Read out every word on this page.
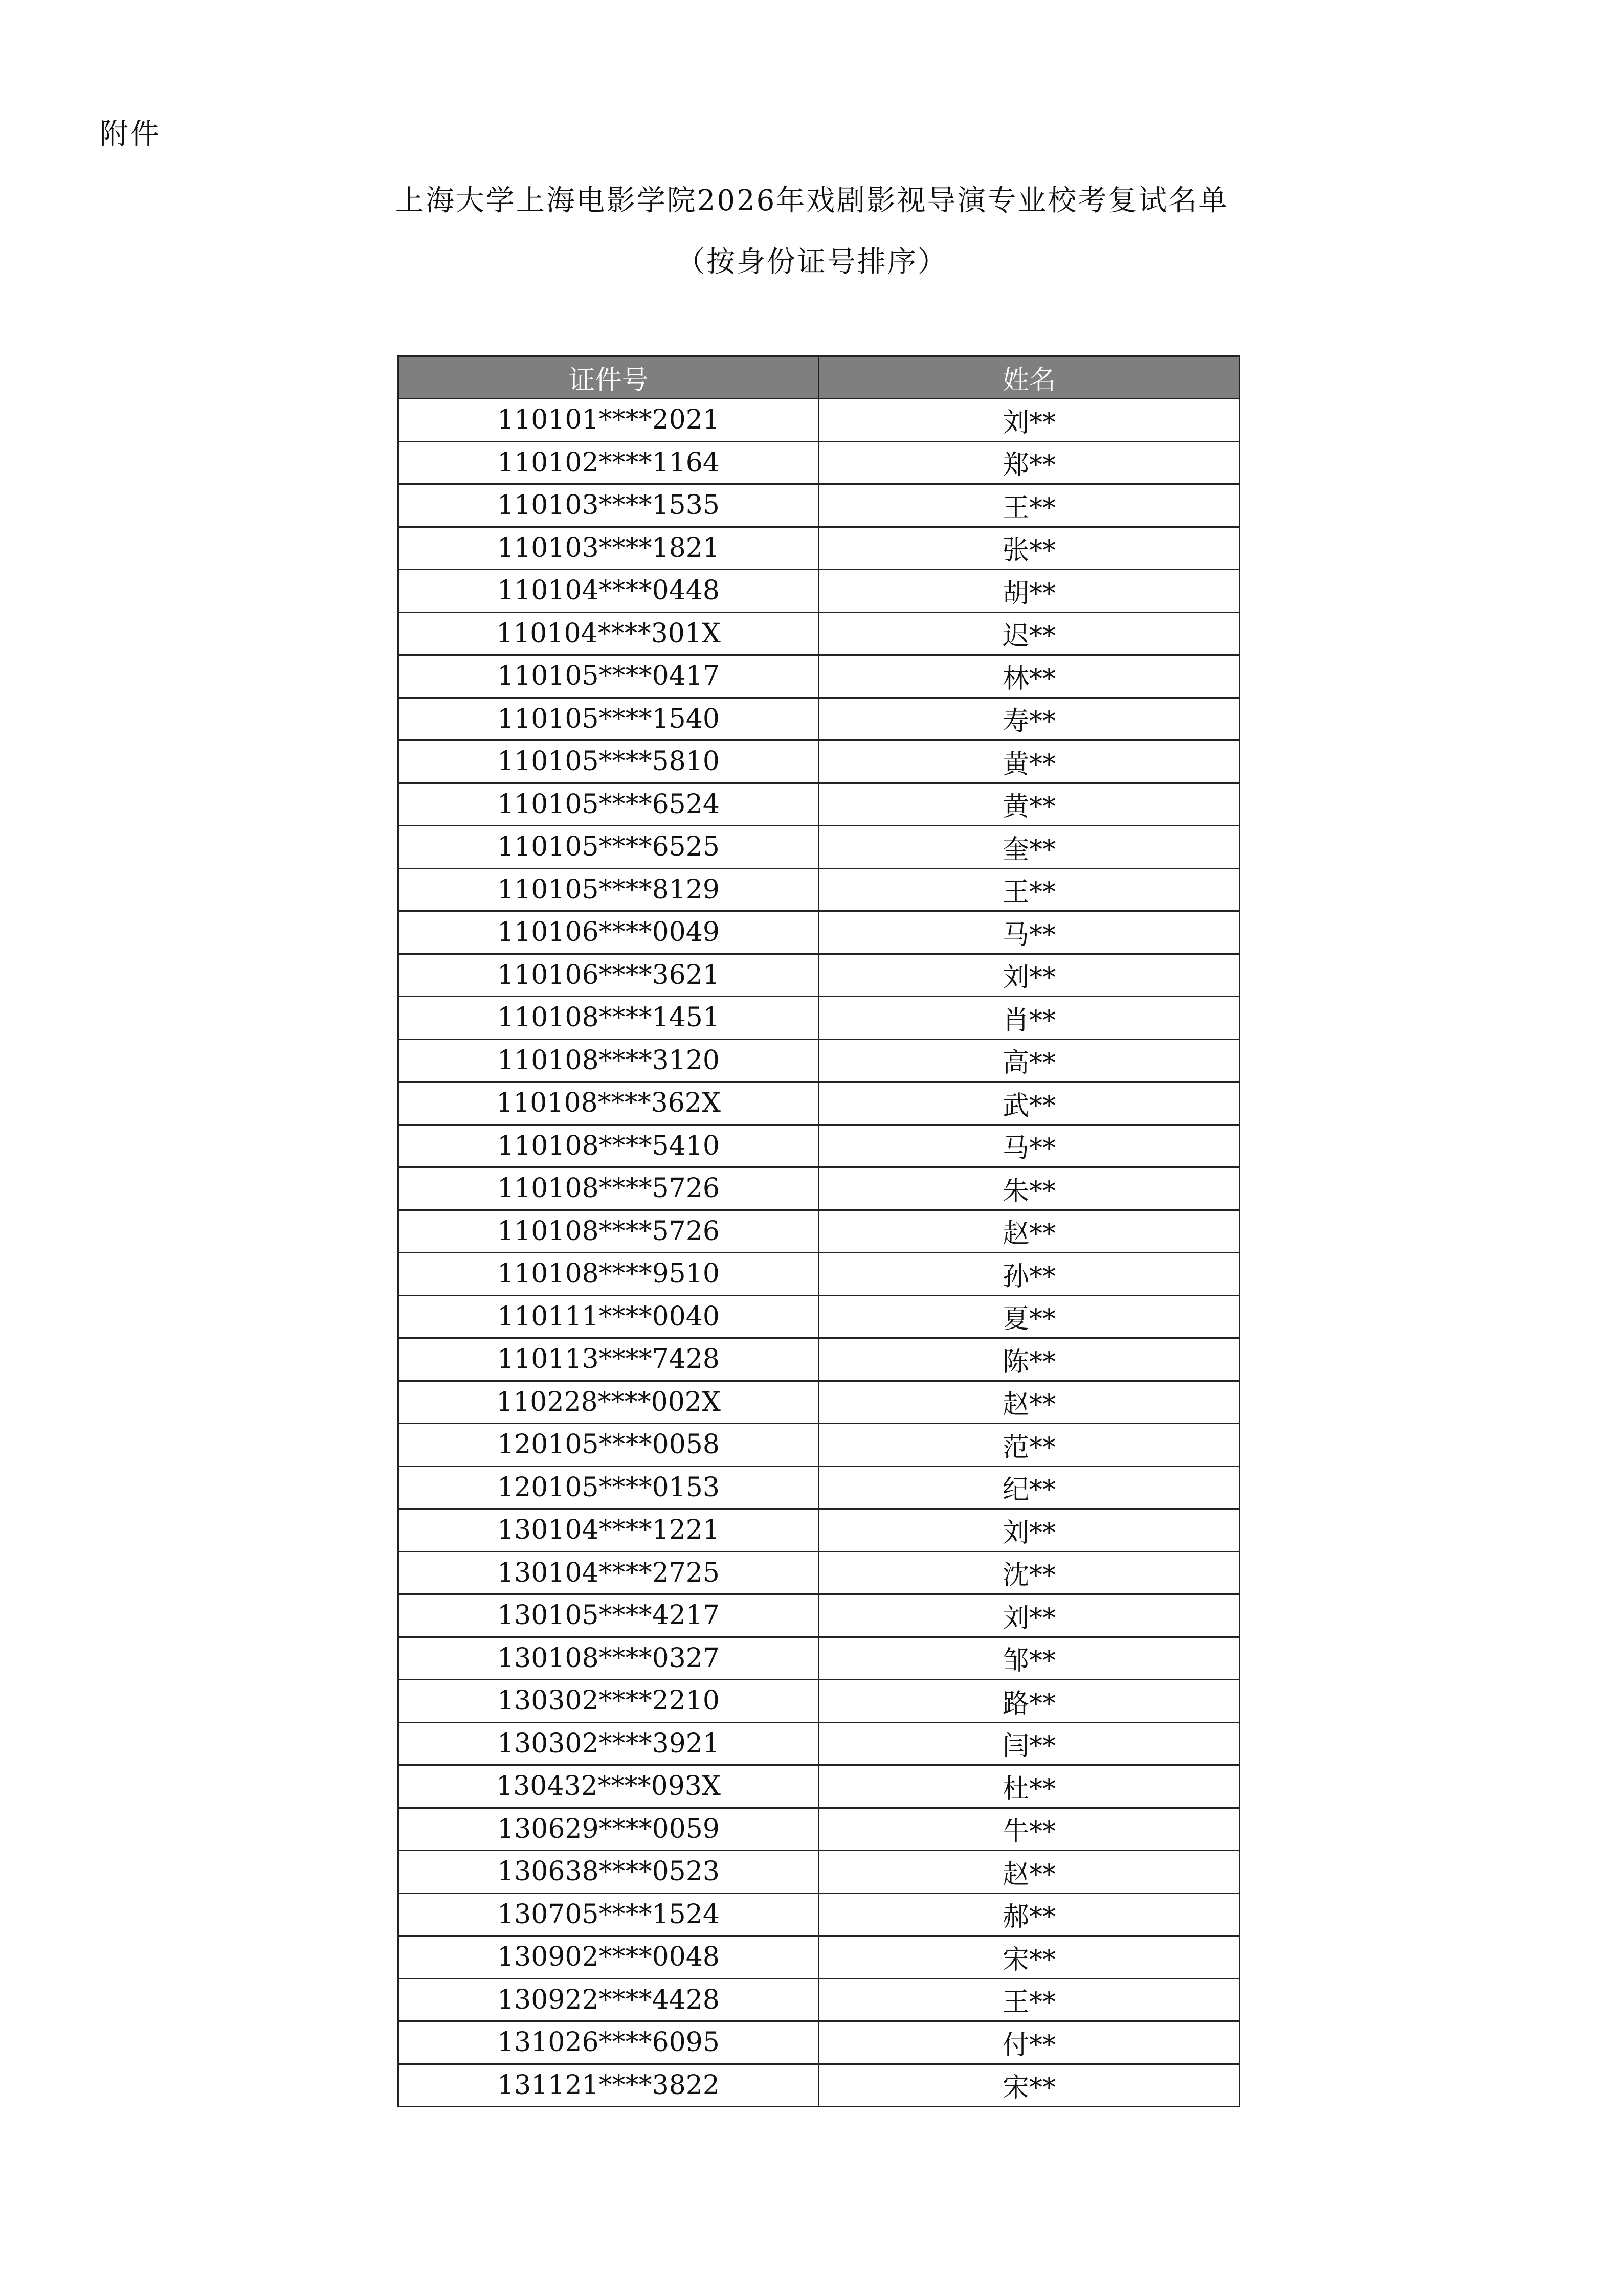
附件
上海大学上海电影学院2026年戏剧影视导演专业校考复试名单
（按身份证号排序）
证件号	姓名
110101****2021	刘**
110102****1164	郑**
110103****1535	王**
110103****1821	张**
110104****0448	胡**
110104****301X	迟**
110105****0417	林**
110105****1540	寿**
110105****5810	黄**
110105****6524	黄**
110105****6525	奎**
110105****8129	王**
110106****0049	马**
110106****3621	刘**
110108****1451	肖**
110108****3120	高**
110108****362X	武**
110108****5410	马**
110108****5726	朱**
110108****5726	赵**
110108****9510	孙**
110111****0040	夏**
110113****7428	陈**
110228****002X	赵**
120105****0058	范**
120105****0153	纪**
130104****1221	刘**
130104****2725	沈**
130105****4217	刘**
130108****0327	邹**
130302****2210	路**
130302****3921	闫**
130432****093X	杜**
130629****0059	牛**
130638****0523	赵**
130705****1524	郝**
130902****0048	宋**
130922****4428	王**
131026****6095	付**
131121****3822	宋**
